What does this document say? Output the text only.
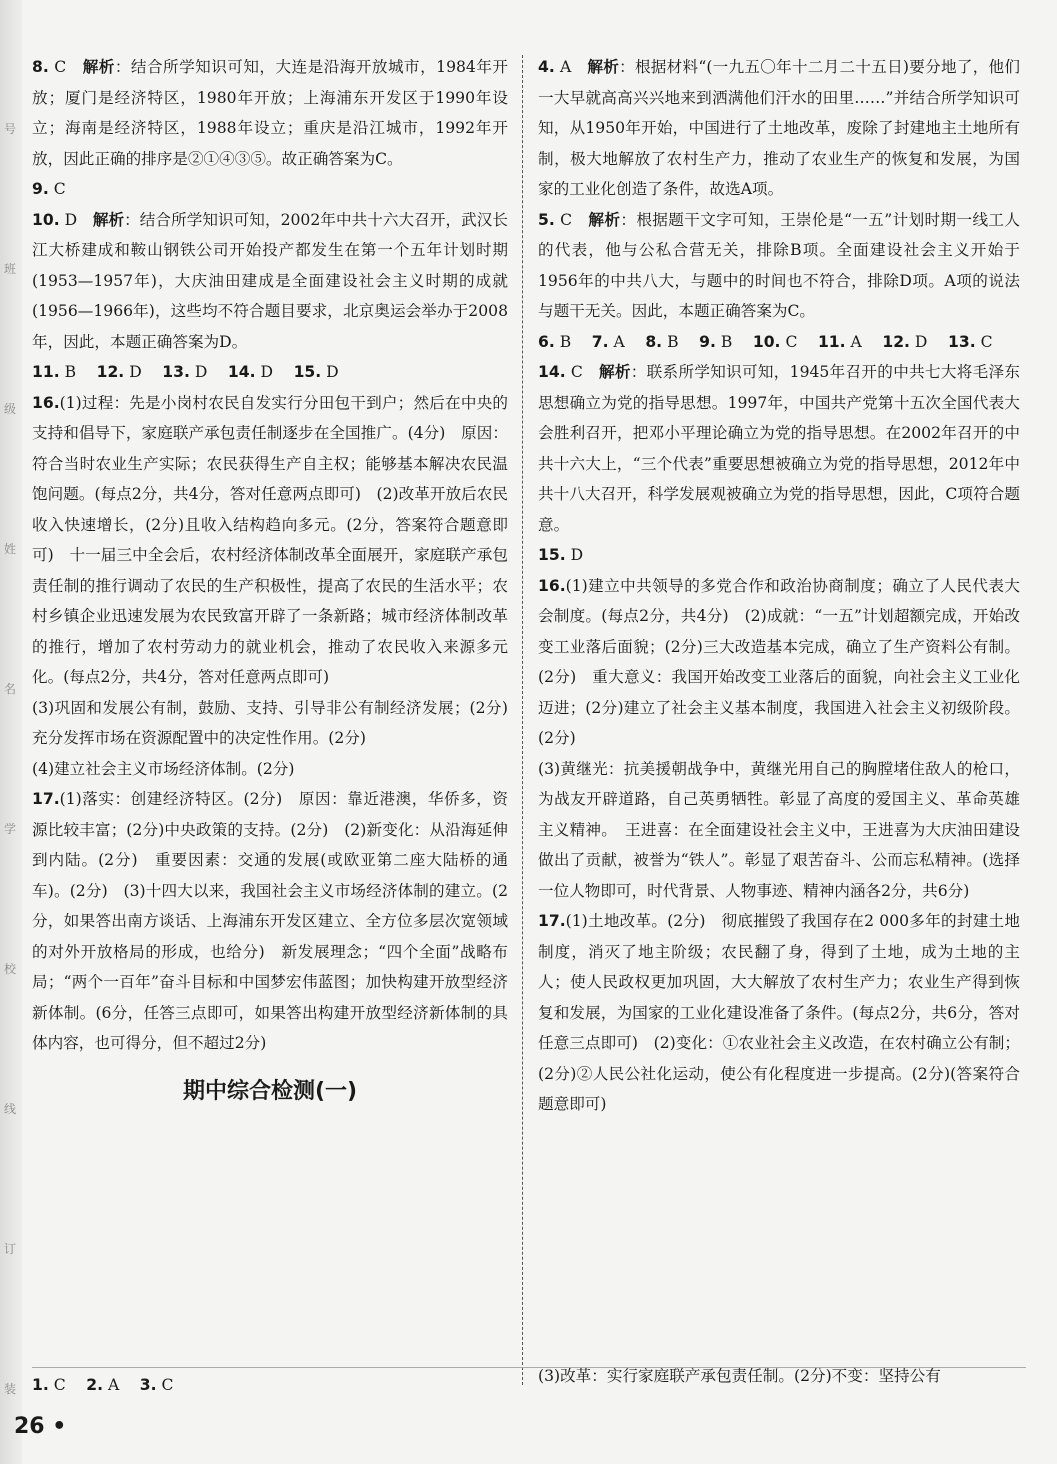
号
班
级
姓
名
学
校
线
订
装

8. C　解析：结合所学知识可知，大连是沿海开放城市，1984年开放；厦门是经济特区，1980年开放；上海浦东开发区于1990年设立；海南是经济特区，1988年设立；重庆是沿江城市，1992年开放，因此正确的排序是②①④③⑤。故正确答案为C。

9. C

10. D　解析：结合所学知识可知，2002年中共十六大召开，武汉长江大桥建成和鞍山钢铁公司开始投产都发生在第一个五年计划时期(1953—1957年)，大庆油田建成是全面建设社会主义时期的成就(1956—1966年)，这些均不符合题目要求，北京奥运会举办于2008年，因此，本题正确答案为D。

11. B　 12. D　 13. D　 14. D　 15. D

16.(1)过程：先是小岗村农民自发实行分田包干到户；然后在中央的支持和倡导下，家庭联产承包责任制逐步在全国推广。(4分)　原因：符合当时农业生产实际；农民获得生产自主权；能够基本解决农民温饱问题。(每点2分，共4分，答对任意两点即可)　(2)改革开放后农民收入快速增长，(2分)且收入结构趋向多元。(2分，答案符合题意即可)　十一届三中全会后，农村经济体制改革全面展开，家庭联产承包责任制的推行调动了农民的生产积极性，提高了农民的生活水平；农村乡镇企业迅速发展为农民致富开辟了一条新路；城市经济体制改革的推行，增加了农村劳动力的就业机会，推动了农民收入来源多元化。(每点2分，共4分，答对任意两点即可)

(3)巩固和发展公有制，鼓励、支持、引导非公有制经济发展；(2分)充分发挥市场在资源配置中的决定性作用。(2分)

(4)建立社会主义市场经济体制。(2分)

17.(1)落实：创建经济特区。(2分)　原因：靠近港澳，华侨多，资源比较丰富；(2分)中央政策的支持。(2分)　(2)新变化：从沿海延伸到内陆。(2分)　重要因素：交通的发展(或欧亚第二座大陆桥的通车)。(2分)　(3)十四大以来，我国社会主义市场经济体制的建立。(2分，如果答出南方谈话、上海浦东开发区建立、全方位多层次宽领域的对外开放格局的形成，也给分)　新发展理念；“四个全面”战略布局；“两个一百年”奋斗目标和中国梦宏伟蓝图；加快构建开放型经济新体制。(6分，任答三点即可，如果答出构建开放型经济新体制的具体内容，也可得分，但不超过2分)

期中综合检测(一)
1. C　 2. A　 3. C

4. A　解析：根据材料“(一九五〇年十二月二十五日)要分地了，他们一大早就高高兴兴地来到洒满他们汗水的田里……”并结合所学知识可知，从1950年开始，中国进行了土地改革，废除了封建地主土地所有制，极大地解放了农村生产力，推动了农业生产的恢复和发展，为国家的工业化创造了条件，故选A项。

5. C　解析：根据题干文字可知，王崇伦是“一五”计划时期一线工人的代表，他与公私合营无关，排除B项。全面建设社会主义开始于1956年的中共八大，与题中的时间也不符合，排除D项。A项的说法与题干无关。因此，本题正确答案为C。

6. B　 7. A　 8. B　 9. B　 10. C　 11. A　 12. D　 13. C

14. C　解析：联系所学知识可知，1945年召开的中共七大将毛泽东思想确立为党的指导思想。1997年，中国共产党第十五次全国代表大会胜利召开，把邓小平理论确立为党的指导思想。在2002年召开的中共十六大上，“三个代表”重要思想被确立为党的指导思想，2012年中共十八大召开，科学发展观被确立为党的指导思想，因此，C项符合题意。

15. D

16.(1)建立中共领导的多党合作和政治协商制度；确立了人民代表大会制度。(每点2分，共4分)　(2)成就：“一五”计划超额完成，开始改变工业落后面貌；(2分)三大改造基本完成，确立了生产资料公有制。(2分)　重大意义：我国开始改变工业落后的面貌，向社会主义工业化迈进；(2分)建立了社会主义基本制度，我国进入社会主义初级阶段。(2分)

(3)黄继光：抗美援朝战争中，黄继光用自己的胸膛堵住敌人的枪口，为战友开辟道路，自己英勇牺牲。彰显了高度的爱国主义、革命英雄主义精神。　王进喜：在全面建设社会主义中，王进喜为大庆油田建设做出了贡献，被誉为“铁人”。彰显了艰苦奋斗、公而忘私精神。(选择一位人物即可，时代背景、人物事迹、精神内涵各2分，共6分)

17.(1)土地改革。(2分)　彻底摧毁了我国存在2 000多年的封建土地制度，消灭了地主阶级；农民翻了身，得到了土地，成为土地的主人；使人民政权更加巩固，大大解放了农村生产力；农业生产得到恢复和发展，为国家的工业化建设准备了条件。(每点2分，共6分，答对任意三点即可)　(2)变化：①农业社会主义改造，在农村确立公有制；(2分)②人民公社化运动，使公有化程度进一步提高。(2分)(答案符合题意即可)

(3)改革：实行家庭联产承包责任制。(2分)不变：坚持公有
26 •
